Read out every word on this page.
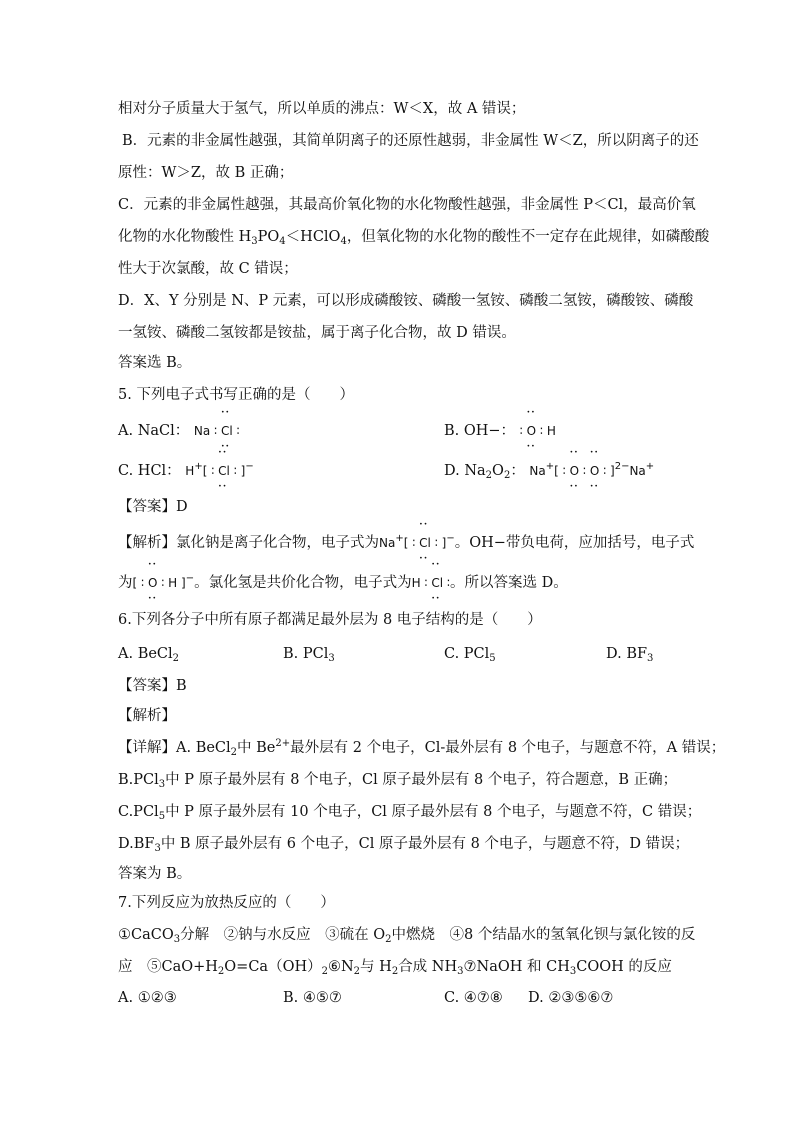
相对分子质量大于氢气，所以单质的沸点：W＜X，故 A 错误；
B．元素的非金属性越强，其简单阴离子的还原性越弱，非金属性 W＜Z，所以阴离子的还
原性：W＞Z，故 B 正确；
C．元素的非金属性越强，其最高价氧化物的水化物酸性越强，非金属性 P＜Cl，最高价氧
化物的水化物酸性 $H_3PO_4<HClO_4$，但氧化物的水化物的酸性不一定存在此规律，如磷酸酸
性大于次氯酸，故 C 错误；
D．X、Y 分别是 N、P 元素，可以形成磷酸铵、磷酸一氢铵、磷酸二氢铵，磷酸铵、磷酸
一氢铵、磷酸二氢铵都是铵盐，属于离子化合物，故 D 错误。
答案选 B。
5. 下列电子式书写正确的是（　　）
A. NaCl： Na ∶ •• Cl •• ∶	B. OH−： ∶ •• O •• ∶ H
C. HCl： H+[ ∶ •• Cl •• ∶ ]−	D. $Na_2O_2$： Na+[ ∶ •• O •• ∶ •• O •• ∶ ]$^{2-}$Na+
【答案】D
【解析】氯化钠是离子化合物，电子式为Na+[ ∶ •• Cl •• ∶ ]−。OH−带负电荷，应加括号，电子式
为[ ∶ •• O •• ∶ H ]−。氯化氢是共价化合物，电子式为H ∶ •• Cl •• ∶。所以答案选 D。
6.下列各分子中所有原子都满足最外层为 8 电子结构的是（　　）
A. BeCl$_2$	B. PCl$_3$	C. PCl$_5$	D. $BF_3$
【答案】B
【解析】
【详解】A. BeCl$_2$中 $Be^{2+}$最外层有 2 个电子，Cl-最外层有 8 个电子，与题意不符，A 错误；
B.PCl$_3$中 P 原子最外层有 8 个电子，Cl 原子最外层有 8 个电子，符合题意，B 正确；
C.PCl$_5$中 P 原子最外层有 10 个电子，Cl 原子最外层有 8 个电子，与题意不符，C 错误；
$D.BF_3$中 B 原子最外层有 6 个电子，Cl 原子最外层有 8 个电子，与题意不符，D 错误；
答案为 B。
7.下列反应为放热反应的（　　）
①CaCO$_3$分解　②钠与水反应　③硫在 $O_2$中燃烧　④8 个结晶水的氢氧化钡与氯化铵的反
应　$⑤CaO+H_2O=Ca(OH)_2⑥N_2$与 $H_2$合成 $NH_3⑦NaOH$ 和 $CH_3COOH$ 的反应
A. ①②③	B. ④⑤⑦	C. ④⑦⑧ D. ②③⑤⑥⑦
